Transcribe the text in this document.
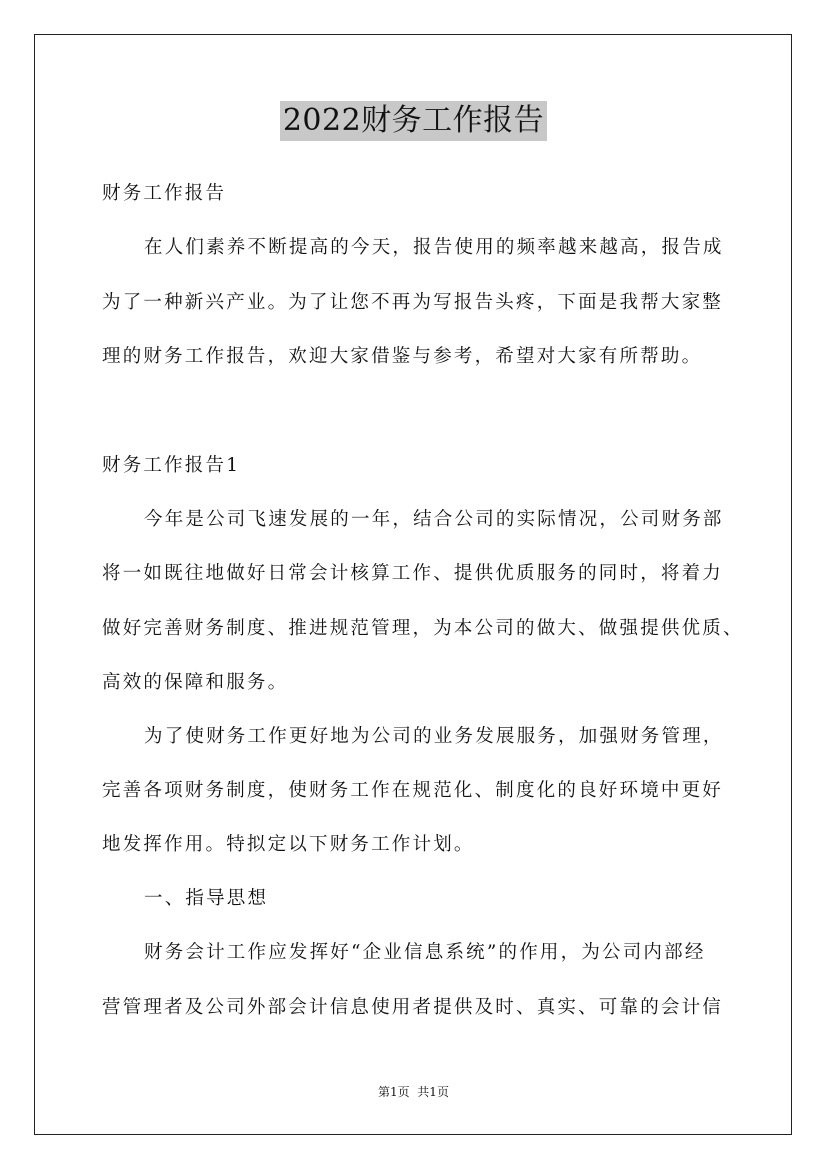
2022财务工作报告
财务工作报告
在人们素养不断提高的今天，报告使用的频率越来越高，报告成
为了一种新兴产业。为了让您不再为写报告头疼，下面是我帮大家整
理的财务工作报告，欢迎大家借鉴与参考，希望对大家有所帮助。
财务工作报告1
今年是公司飞速发展的一年，结合公司的实际情况，公司财务部
将一如既往地做好日常会计核算工作、提供优质服务的同时，将着力
做好完善财务制度、推进规范管理，为本公司的做大、做强提供优质、
高效的保障和服务。
为了使财务工作更好地为公司的业务发展服务，加强财务管理，
完善各项财务制度，使财务工作在规范化、制度化的良好环境中更好
地发挥作用。特拟定以下财务工作计划。
一、指导思想
财务会计工作应发挥好“企业信息系统”的作用，为公司内部经
营管理者及公司外部会计信息使用者提供及时、真实、可靠的会计信
第1页  共1页
